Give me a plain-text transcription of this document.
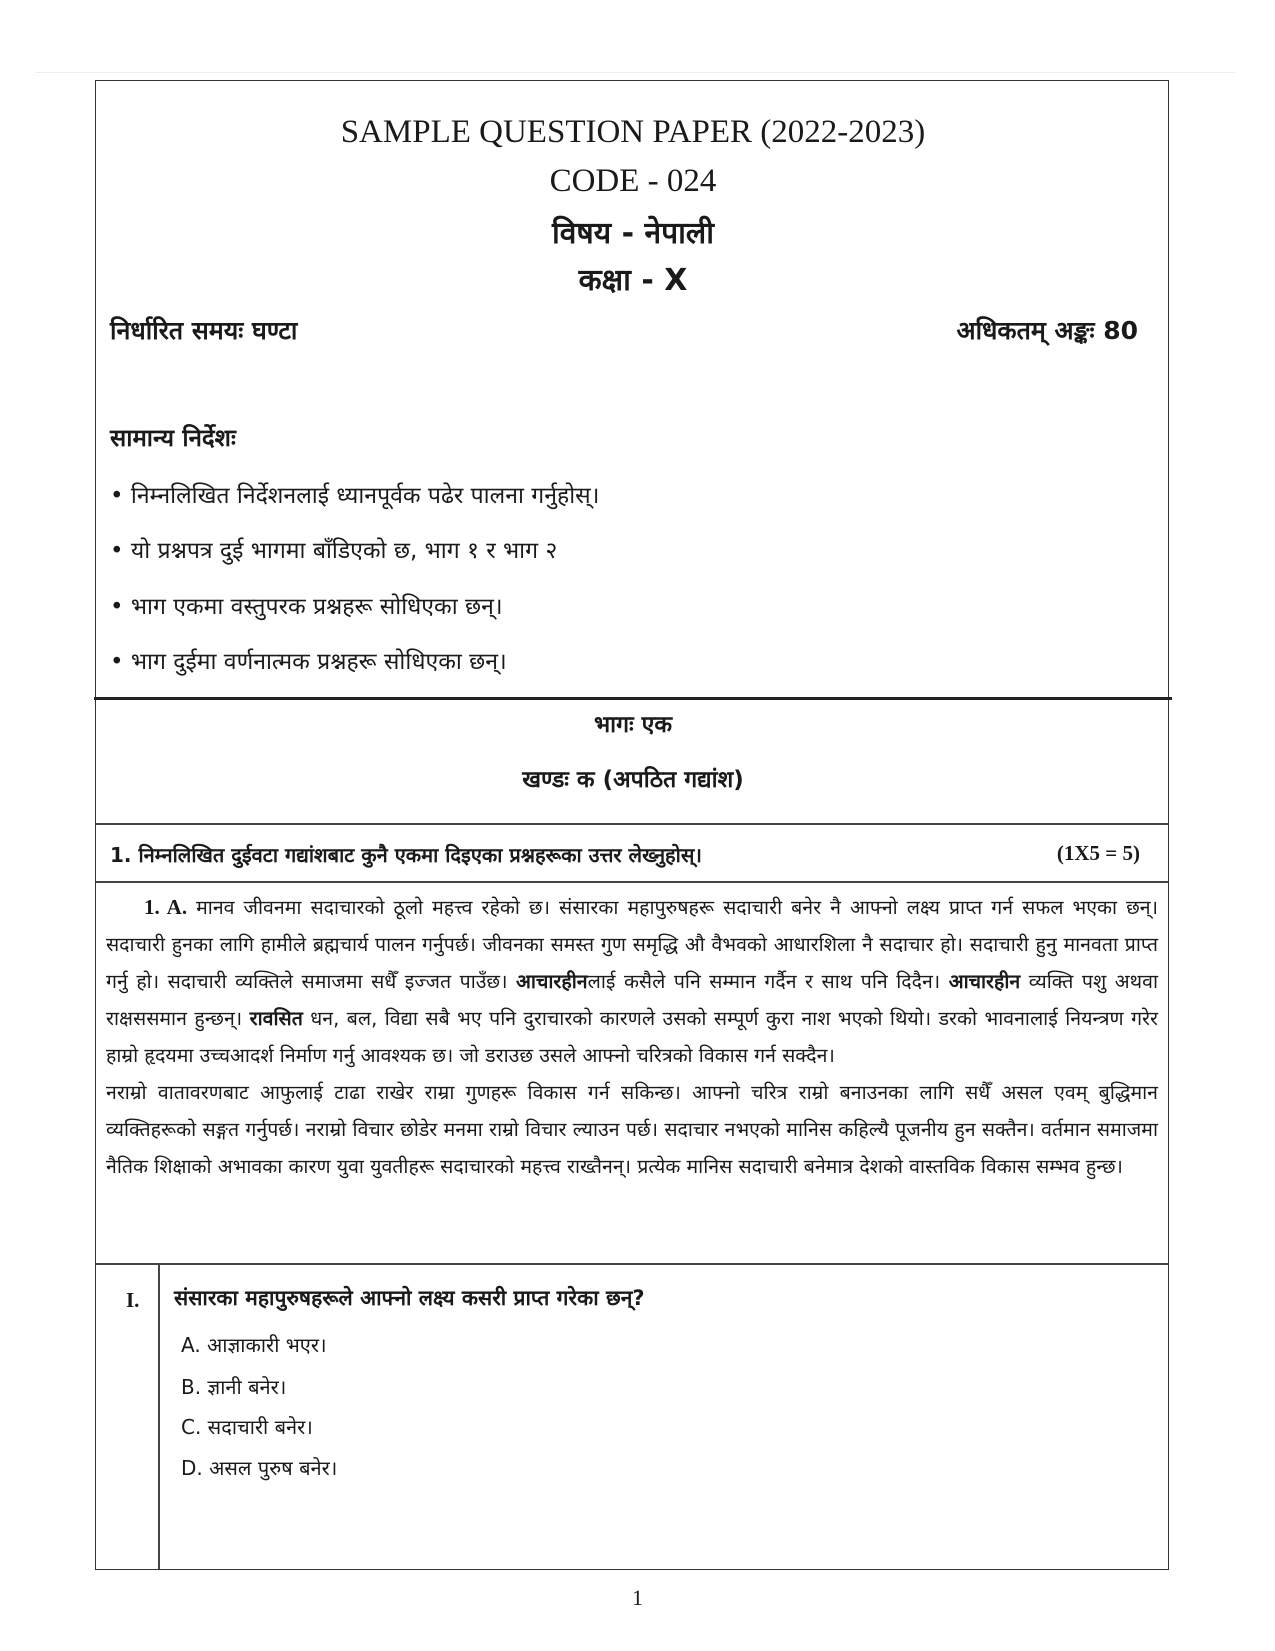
SAMPLE QUESTION PAPER (2022-2023)
CODE - 024
विषय - नेपाली
कक्षा - X
निर्धारित समयः घण्टा	अधिकतम् अङ्कः 80
सामान्य निर्देशः
• निम्नलिखित निर्देशनलाई ध्यानपूर्वक पढेर पालना गर्नुहोस्।
• यो प्रश्नपत्र दुई भागमा बाँडिएको छ, भाग १ र भाग २
• भाग एकमा वस्तुपरक प्रश्नहरू सोधिएका छन्।
• भाग दुईमा वर्णनात्मक प्रश्नहरू सोधिएका छन्।
भागः एक
खण्डः क (अपठित गद्यांश)
1. निम्नलिखित दुईवटा गद्यांशबाट कुनै एकमा दिइएका प्रश्नहरूका उत्तर लेख्नुहोस्।	(1X5 = 5)

1. A. मानव जीवनमा सदाचारको ठूलो महत्त्व रहेको छ। संसारका महापुरुषहरू सदाचारी बनेर नै आफ्नो लक्ष्य प्राप्त गर्न सफल भएका छन्। सदाचारी हुनका लागि हामीले ब्रह्मचार्य पालन गर्नुपर्छ। जीवनका समस्त गुण समृद्धि औ वैभवको आधारशिला नै सदाचार हो। सदाचारी हुनु मानवता प्राप्त गर्नु हो। सदाचारी व्यक्तिले समाजमा सधैँ इज्जत पाउँछ। आचारहीनलाई कसैले पनि सम्मान गर्दैन र साथ पनि दिदैन। आचारहीन व्यक्ति पशु अथवा राक्षससमान हुन्छन्। रावसित धन, बल, विद्या सबै भए पनि दुराचारको कारणले उसको सम्पूर्ण कुरा नाश भएको थियो। डरको भावनालाई नियन्त्रण गरेर हाम्रो हृदयमा उच्चआदर्श निर्माण गर्नु आवश्यक छ। जो डराउछ उसले आफ्नो चरित्रको विकास गर्न सक्दैन।

नराम्रो वातावरणबाट आफुलाई टाढा राखेर राम्रा गुणहरू विकास गर्न सकिन्छ। आफ्नो चरित्र राम्रो बनाउनका लागि सधैँ असल एवम् बुद्धिमान व्यक्तिहरूको सङ्गत गर्नुपर्छ। नराम्रो विचार छोडेर मनमा राम्रो विचार ल्याउन पर्छ। सदाचार नभएको मानिस कहिल्यै पूजनीय हुन सक्तैन। वर्तमान समाजमा नैतिक शिक्षाको अभावका कारण युवा युवतीहरू सदाचारको महत्त्व राख्तैनन्। प्रत्येक मानिस सदाचारी बनेमात्र देशको वास्तविक विकास सम्भव हुन्छ।

I. संसारका महापुरुषहरूले आफ्नो लक्ष्य कसरी प्राप्त गरेका छन्?
A. आज्ञाकारी भएर।
B. ज्ञानी बनेर।
C. सदाचारी बनेर।
D. असल पुरुष बनेर।
1
